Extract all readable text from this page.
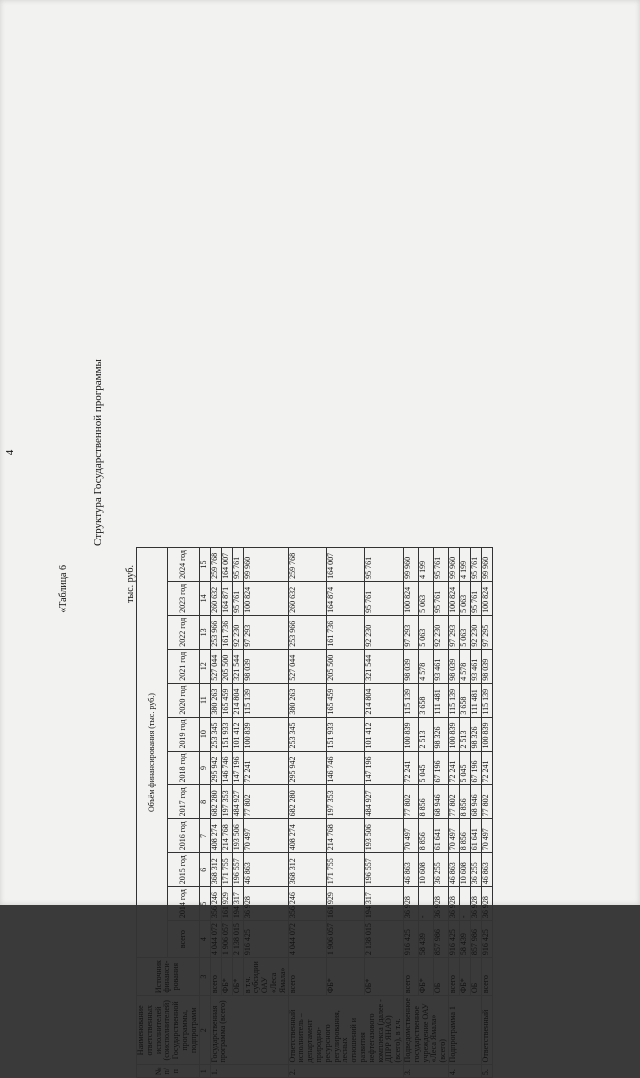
4
«Таблица 6
Структура Государственной программы
тыс. руб.
№ п/п	Наименование ответственных исполнителей (соисполнителей) Государственной программы, подпрограмм	Источник финанси-рования	Объём финансирования (тыс. руб.)											
			всего	2014 год	2015 год	2016 год	2017 год	2018 год	2019 год	2020 год	2021 год	2022 год	2023 год	2024 год
1	2	3	4	5	6	7	8	9	10	11	12	13	14	15
1.	Государственная программа (всего)	всего	4 044 072	356 246	368 312	408 274	682 280	295 942	253 345	380 263	527 044	253 966	260 632	259 768
		ФБ*	1 906 057	161 929	171 755	214 768	197 353	146 746	151 933	165 459	205 500	161 736	164 871	164 007
		ОБ*	2 138 015	194 317	196 557	193 506	484 927	147 196	101 412	214 804	321 544	92 230	95 761	95 761
		в т.ч. субсидии ОАУ «Леса Ямала»	916 425	36 928	46 863	70 497	77 802	72 241	100 839	115 139	98 039	97 293	100 824	99 960
2.	Ответственный исполнитель – департамент природно-ресурсного регулирования, лесных отношений и развития нефтегазового комплекса (далее - ДПРР ЯНАО) (всего), в т.ч.	всего	4 044 072	356 246	368 312	408 274	682 280	295 942	253 345	380 263	527 044	253 966	260 632	259 768
		ФБ*	1 906 057	161 929	171 755	214 768	197 353	146 746	151 933	165 459	205 500	161 736	164 874	164 007
		ОБ*	2 138 015	194 317	196 557	193 506	484 927	147 196	101 412	214 804	321 544	92 230	95 761	95 761
3.	Подведомственное государственное учреждение ОАУ «Леса Ямала» (всего)	всего	916 425	36 928	46 863	70 497	77 802	72 241	100 839	115 139	98 039	97 293	100 824	99 960
		ФБ*	58 439	-	10 608	8 856	8 856	5 045	2 513	3 658	4 578	5 063	5 063	4 199
		ОБ	857 986	36 928	36 255	61 641	68 946	67 196	98 326	111 481	93 461	92 230	95 761	95 761
4.	Подпрограмма 1	всего	916 425	36 928	46 863	70 497	77 802	72 241	100 839	115 139	98 039	97 293	100 824	99 960
		ФБ*	58 439	-	10 608	8 856	8 856	5 045	2 513	3 658	4 578	5 063	5 063	4 199
		ОБ	857 986	36 928	36 255	61 641	68 946	67 196	98 326	111 481	93 461	92 230	95 761	95 761
5.	Ответственный	всего	916 425	36 928	46 863	70 497	77 802	72 241	100 839	115 139	98 039	97 295	100 824	99 960
